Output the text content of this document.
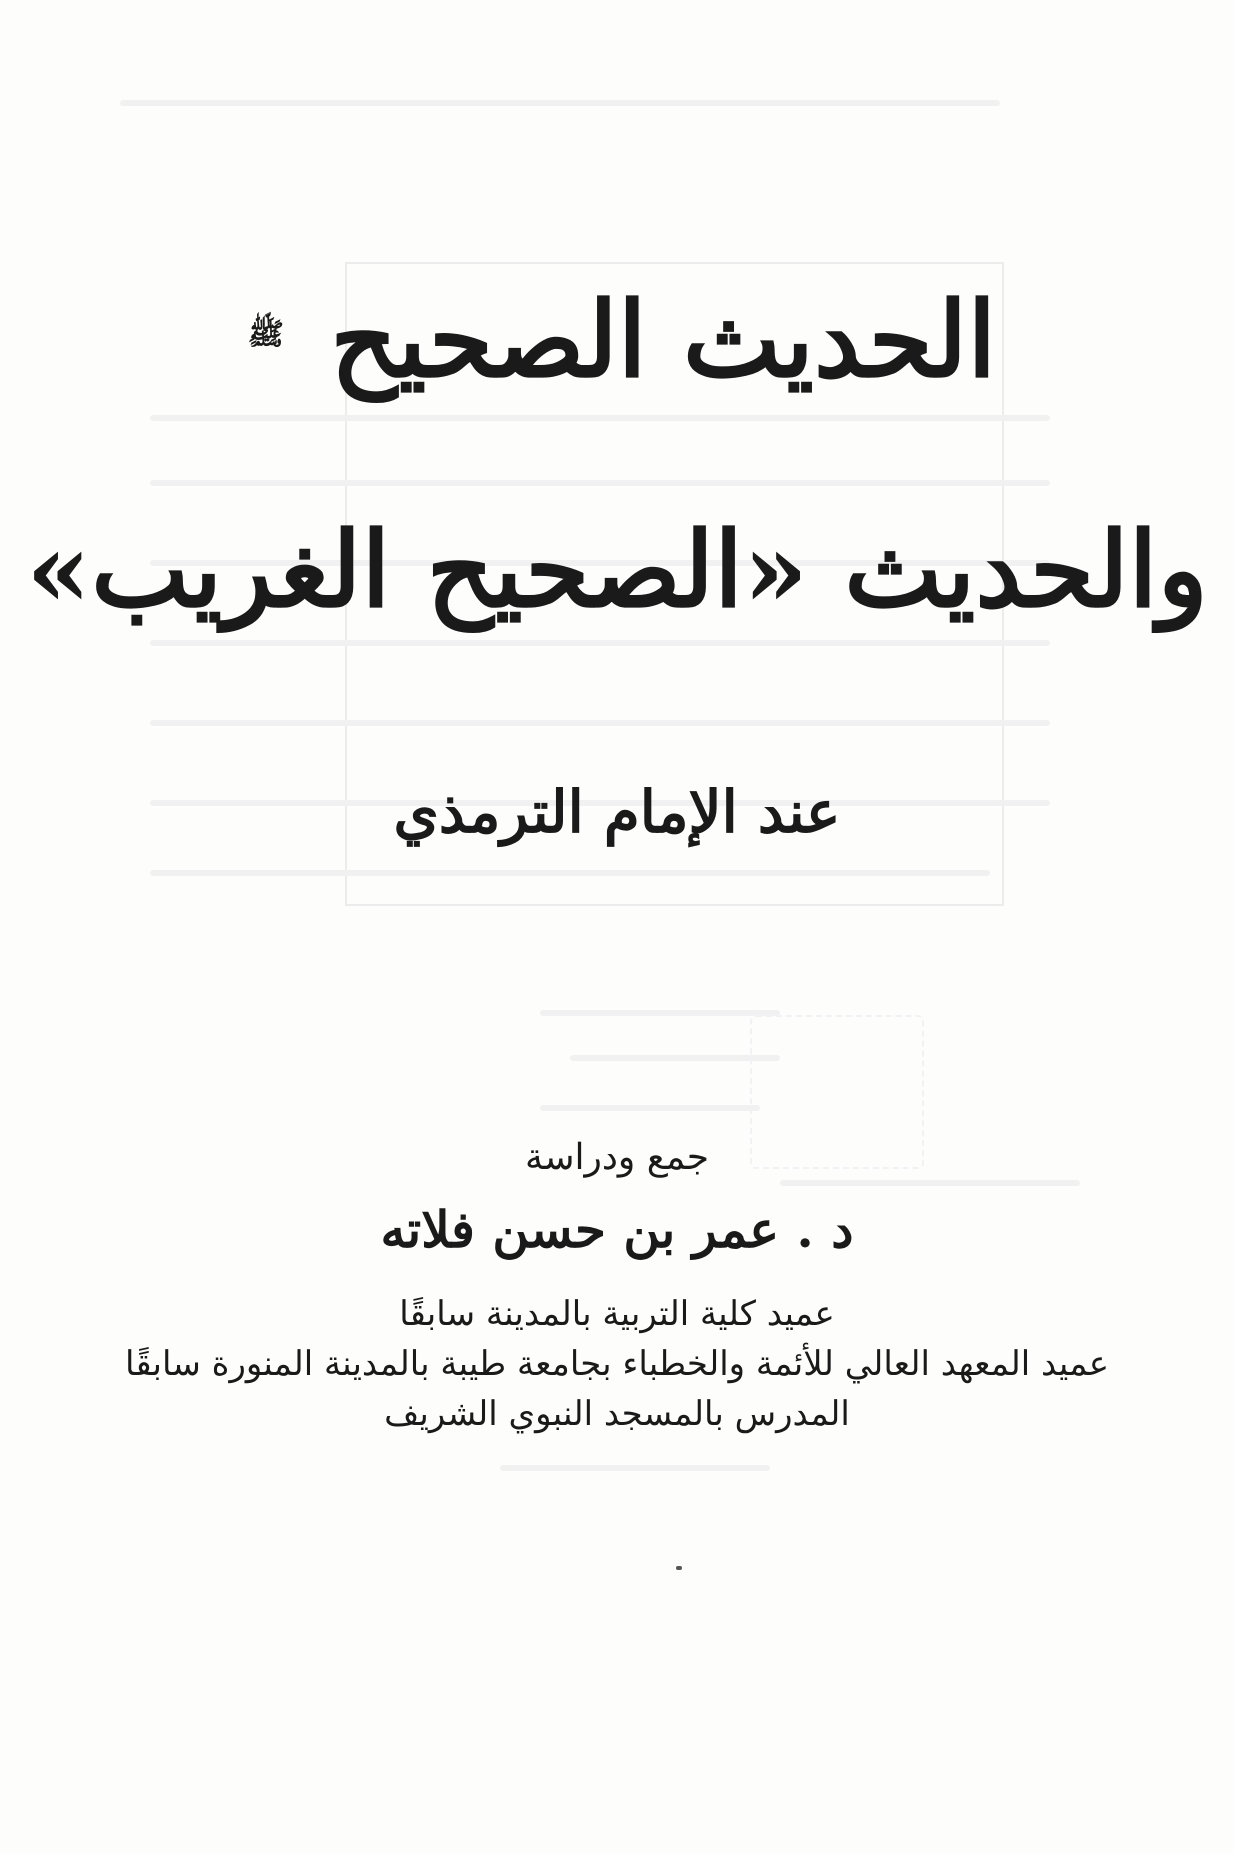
الحديث الصحيح ﷺ
والحديث «الصحيح الغريب»
عند الإمام الترمذي
جمع ودراسة
د . عمر بن حسن فلاته
عميد كلية التربية بالمدينة سابقًا
عميد المعهد العالي للأئمة والخطباء بجامعة طيبة بالمدينة المنورة سابقًا
المدرس بالمسجد النبوي الشريف
